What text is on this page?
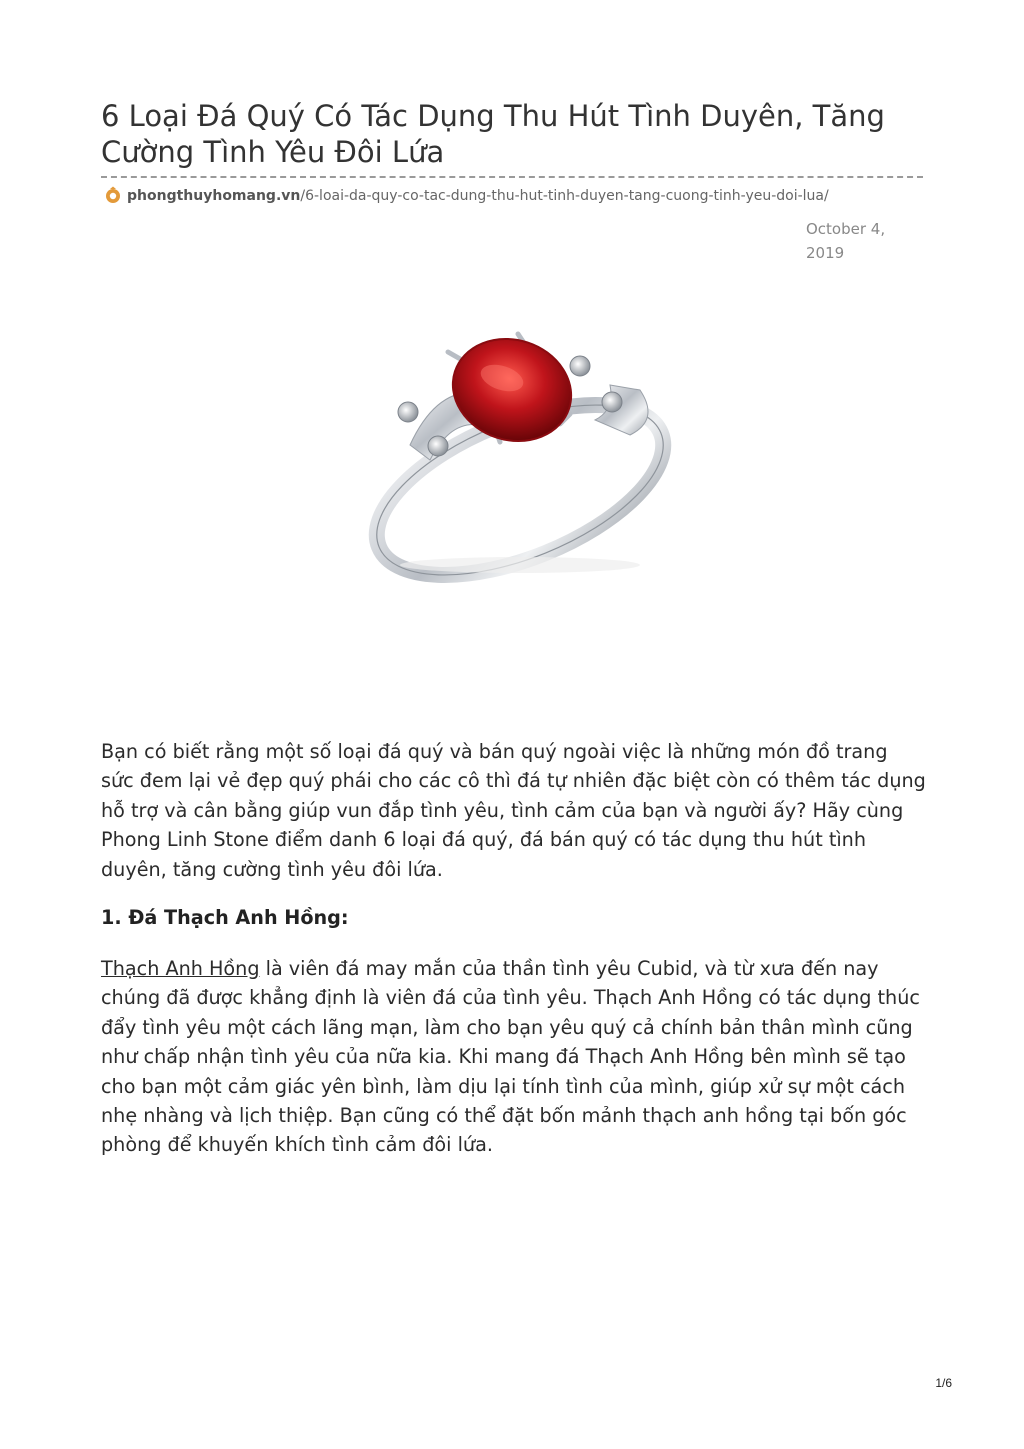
6 Loại Đá Quý Có Tác Dụng Thu Hút Tình Duyên, Tăng Cường Tình Yêu Đôi Lứa
phongthuyhomang.vn/6-loai-da-quy-co-tac-dung-thu-hut-tinh-duyen-tang-cuong-tinh-yeu-doi-lua/
October 4, 2019

Bạn có biết rằng một số loại đá quý và bán quý ngoài việc là những món đồ trang sức đem lại vẻ đẹp quý phái cho các cô thì đá tự nhiên đặc biệt còn có thêm tác dụng hỗ trợ và cân bằng giúp vun đắp tình yêu, tình cảm của bạn và người ấy? Hãy cùng Phong Linh Stone điểm danh 6 loại đá quý, đá bán quý có tác dụng thu hút tình duyên, tăng cường tình yêu đôi lứa.

1. Đá Thạch Anh Hồng:

Thạch Anh Hồng là viên đá may mắn của thần tình yêu Cubid, và từ xưa đến nay chúng đã được khẳng định là viên đá của tình yêu. Thạch Anh Hồng có tác dụng thúc đẩy tình yêu một cách lãng mạn, làm cho bạn yêu quý cả chính bản thân mình cũng như chấp nhận tình yêu của nữa kia. Khi mang đá Thạch Anh Hồng bên mình sẽ tạo cho bạn một cảm giác yên bình, làm dịu lại tính tình của mình, giúp xử sự một cách nhẹ nhàng và lịch thiệp. Bạn cũng có thể đặt bốn mảnh thạch anh hồng tại bốn góc phòng để khuyến khích tình cảm đôi lứa.

1/6
